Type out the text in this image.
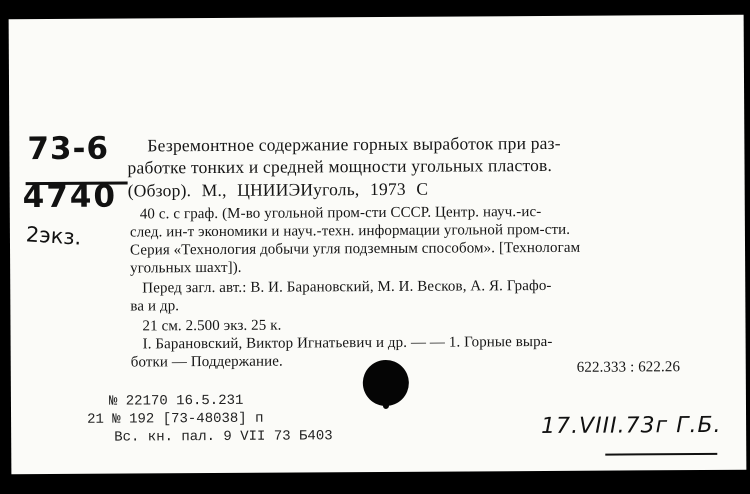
73-6
4740
2экз.
Безремонтное содержание горных выработок при раз-
работке тонких и средней мощности угольных пластов.
(Обзор). М., ЦНИИЭИуголь, 1973 С
40 с. с граф. (М-во угольной пром-сти СССР. Центр. науч.-ис-
след. ин-т экономики и науч.-техн. информации угольной пром-сти.
Серия «Технология добычи угля подземным способом». [Технологам
угольных шахт]).
Перед загл. авт.: В. И. Барановский, М. И. Весков, А. Я. Графо-
ва и др.
21 см. 2.500 экз. 25 к.
I. Барановский, Виктор Игнатьевич и др. — — 1. Горные выра-
ботки — Поддержание.	622.333 : 622.26
№ 22170 16.5.231
21 № 192 [73-48038] п
Вс. кн. пал. 9 VII 73 Б403	17.VIII.73г Г.Б.
